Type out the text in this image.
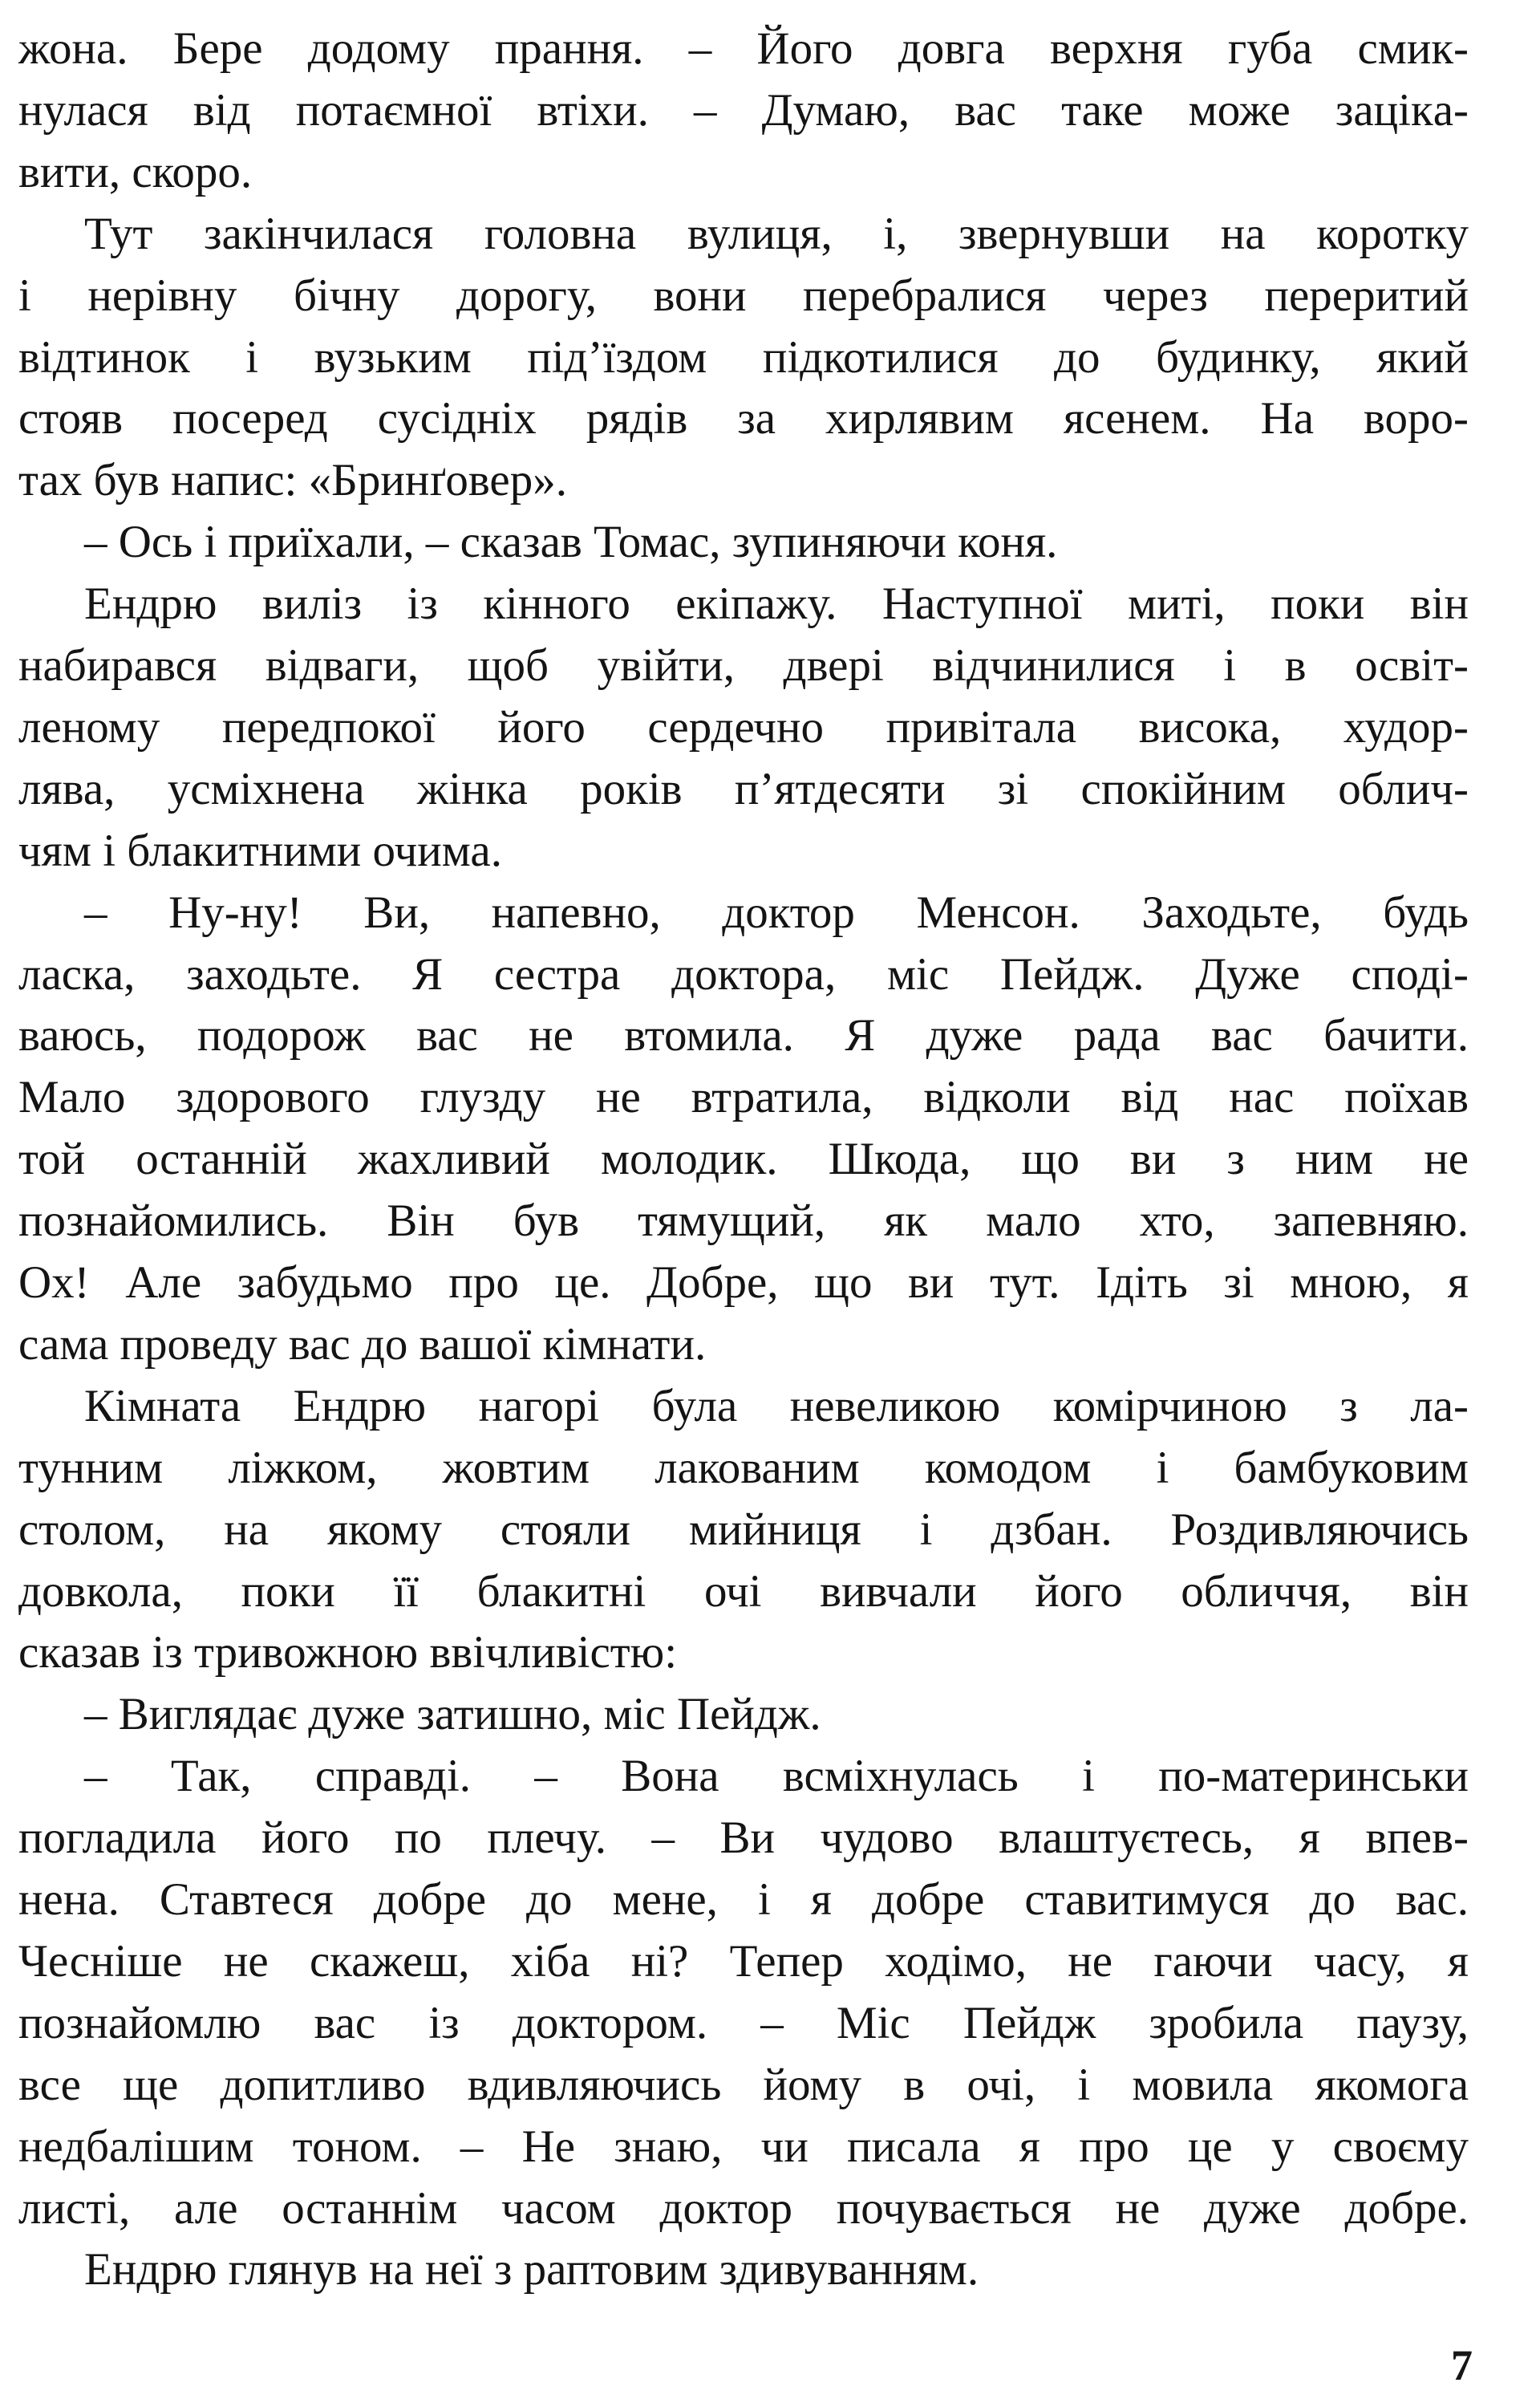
жона. Бере додому прання. – Його довга верхня губа смик-
нулася від потаємної втіхи. – Думаю, вас таке може зацікa-
вити, скоро.
Тут закінчилася головна вулиця, і, звернувши на коротку
і нерівну бічну дорогу, вони перебралися через переритий
відтинок і вузьким під’їздом підкотилися до будинку, який
стояв посеред сусідніх рядів за хирлявим ясенем. На воро-
тах був напис: «Бринґовер».
– Ось і приїхали, – сказав Томас, зупиняючи коня.
Ендрю виліз із кінного екіпажу. Наступної миті, поки він
набирався відваги, щоб увійти, двері відчинилися і в освіт-
леному передпокої його сердечно привітала висока, худор-
лява, усміхнена жінка років п’ятдесяти зі спокійним облич-
чям і блакитними очима.
– Ну-ну! Ви, напевно, доктор Менсон. Заходьте, будь
ласка, заходьте. Я сестра доктора, міс Пейдж. Дуже сподi-
ваюсь, подорож вас не втомила. Я дуже рада вас бачити.
Мало здорового глузду не втратила, відколи від нас поїхав
той останній жахливий молодик. Шкода, що ви з ним не
познайомились. Він був тямущий, як мало хто, запевняю.
Ох! Але забудьмо про це. Добре, що ви тут. Ідіть зі мною, я
сама проведу вас до вашої кімнати.
Кімната Ендрю нагорі була невеликою комірчиною з ла-
тунним ліжком, жовтим лакованим комодом і бамбуковим
столом, на якому стояли мийниця і дзбан. Роздивляючись
довкола, поки її блакитні очі вивчали його обличчя, він
сказав із тривожною ввічливістю:
– Виглядає дуже затишно, міс Пейдж.
– Так, справді. – Вона всміхнулась і по-материнськи
погладила його по плечу. – Ви чудово влаштуєтесь, я впев-
нена. Ставтеся добре до мене, і я добре ставитимуся до вас.
Чесніше не скажеш, хіба ні? Тепер ходімо, не гаючи часу, я
познайомлю вас із доктором. – Міс Пейдж зробила паузу,
все ще допитливо вдивляючись йому в очі, і мовила якомога
недбалішим тоном. – Не знаю, чи писала я про це у своєму
листі, але останнім часом доктор почувається не дуже добре.
Ендрю глянув на неї з раптовим здивуванням.
7
